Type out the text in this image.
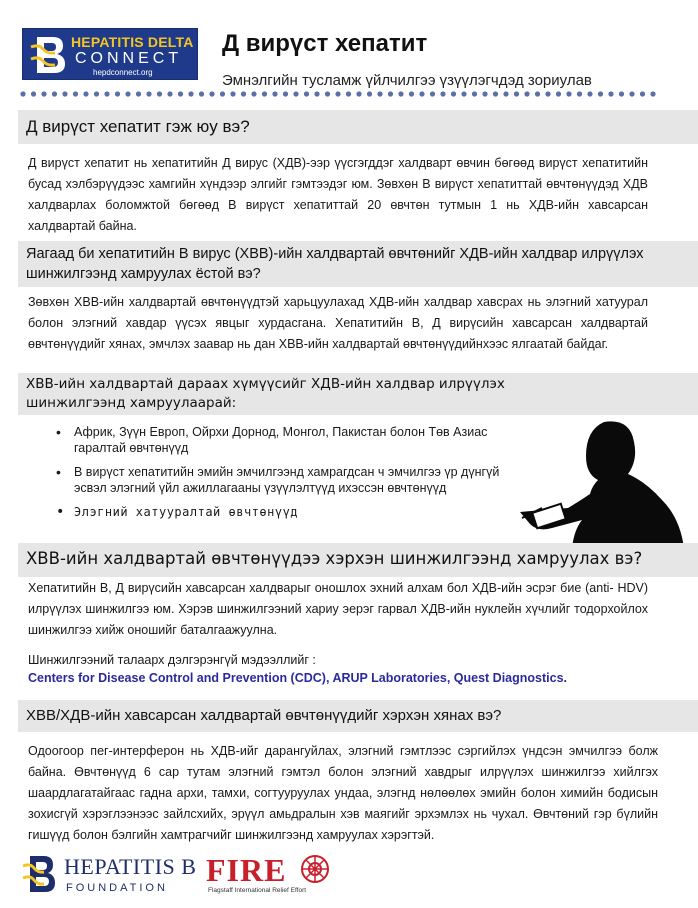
HEPATITIS DELTA
CONNECT
hepdconnect.org
Д вирүст хепатит
Эмнэлгийн тусламж үйлчилгээ үзүүлэгчдэд зориулав
Д вирүст хепатит гэж юу вэ?

Д вирүст хепатит нь хепатитийн Д вирус (ХДВ)-ээр үүсгэгддэг халдварт өвчин бөгөөд вирүст хепатитийн бусад хэлбэрүүдээс хамгийн хүндээр элгийг гэмтээдэг юм. Зөвхөн В вирүст хепатиттай өвчтөнүүдэд ХДВ халдварлах боломжтой бөгөөд В вирүст хепатиттай 20 өвчтөн тутмын 1 нь ХДВ-ийн хавсарсан халдвартай байна.

Яагаад би хепатитийн В вирус (ХВВ)-ийн халдвартай өвчтөнийг ХДВ-ийн халдвар илрүүлэх шинжилгээнд хамруулах ёстой вэ?

Зөвхөн ХВВ-ийн халдвартай өвчтөнүүдтэй харьцуулахад ХДВ-ийн халдвар хавсрах нь элэгний хатуурал болон элэгний хавдар үүсэх явцыг хурдасгана. Хепатитийн В, Д вирүсийн хавсарсан халдвартай өвчтөнүүдийг хянах, эмчлэх заавар нь дан ХВВ-ийн халдвартай өвчтөнүүдийнхээс ялгаатай байдаг.

ХВВ-ийн халдвартай дараах хүмүүсийг ХДВ-ийн халдвар илрүүлэх шинжилгээнд хамруулаарай:
• Африк, Зүүн Европ, Ойрхи Дорнод, Монгол, Пакистан болон Төв Азиас гаралтай өвчтөнүүд
• В вирүст хепатитийн эмийн эмчилгээнд хамрагдсан ч эмчилгээ үр дүнгүй эсвэл элэгний үйл ажиллагааны үзүүлэлтүүд ихэссэн өвчтөнүүд
• Элэгний хатууралтай өвчтөнүүд
ХВВ-ийн халдвартай өвчтөнүүдээ хэрхэн шинжилгээнд хамруулах вэ?

Хепатитийн В, Д вирүсийн хавсарсан халдварыг оношлох эхний алхам бол ХДВ-ийн эсрэг бие (anti- HDV) илрүүлэх шинжилгээ юм. Хэрэв шинжилгээний хариу эерэг гарвал ХДВ-ийн нуклейн хүчлийг тодорхойлох шинжилгээ хийж оношийг баталгаажуулна.

Шинжилгээний талаарх дэлгэрэнгүй мэдээллийг :

Centers for Disease Control and Prevention (CDC), ARUP Laboratories, Quest Diagnostics.
ХВВ/ХДВ-ийн хавсарсан халдвартай өвчтөнүүдийг хэрхэн хянах вэ?

Одоогоор пег-интерферон нь ХДВ-ийг дарангуйлах, элэгний гэмтлээс сэргийлэх үндсэн эмчилгээ болж байна. Өвчтөнүүд 6 сар тутам элэгний гэмтэл болон элэгний хавдрыг илрүүлэх шинжилгээ хийлгэх шаардлагатайгаас гадна архи, тамхи, согтууруулах ундаа, элэгнд нөлөөлөх эмийн болон химийн бодисын зохисгүй хэрэглээнээс зайлсхийх, эрүүл амьдралын хэв маягийг эрхэмлэх нь чухал. Өвчтөний гэр бүлийн гишүүд болон бэлгийн хамтрагчийг шинжилгээнд хамруулах хэрэгтэй.

HEPATITIS B
FOUNDATION FIRE
Flagstaff International Relief Effort
